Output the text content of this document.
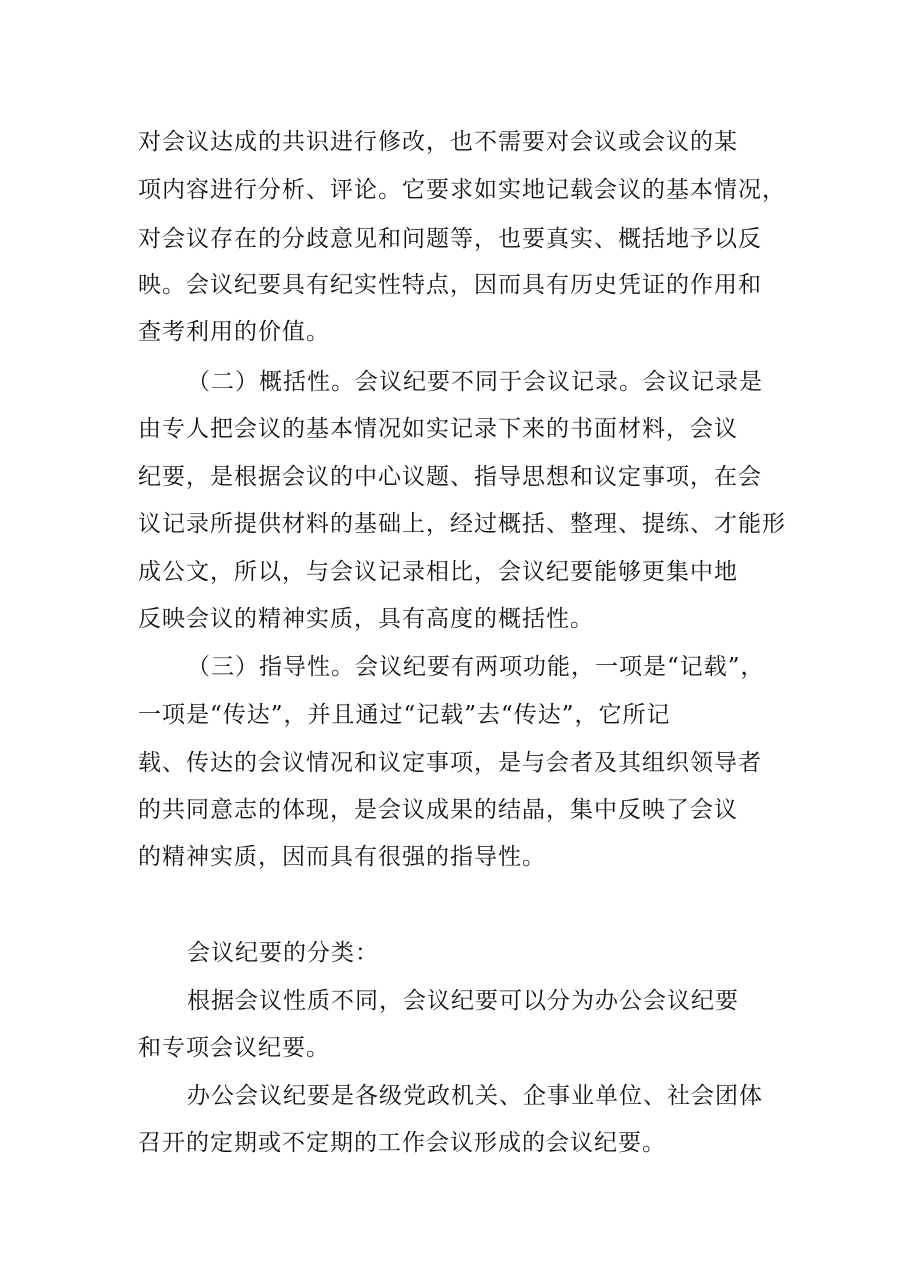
对会议达成的共识进行修改，也不需要对会议或会议的某
项内容进行分析、评论。它要求如实地记载会议的基本情况，
对会议存在的分歧意见和问题等，也要真实、概括地予以反
映。会议纪要具有纪实性特点，因而具有历史凭证的作用和
查考利用的价值。
（二）概括性。会议纪要不同于会议记录。会议记录是
由专人把会议的基本情况如实记录下来的书面材料，会议
纪要，是根据会议的中心议题、指导思想和议定事项，在会
议记录所提供材料的基础上，经过概括、整理、提练、才能形
成公文，所以，与会议记录相比，会议纪要能够更集中地
反映会议的精神实质，具有高度的概括性。
（三）指导性。会议纪要有两项功能，一项是“记载”，
一项是“传达”，并且通过“记载”去“传达”，它所记
载、传达的会议情况和议定事项，是与会者及其组织领导者
的共同意志的体现，是会议成果的结晶，集中反映了会议
的精神实质，因而具有很强的指导性。
会议纪要的分类：
根据会议性质不同，会议纪要可以分为办公会议纪要
和专项会议纪要。
办公会议纪要是各级党政机关、企事业单位、社会团体
召开的定期或不定期的工作会议形成的会议纪要。
